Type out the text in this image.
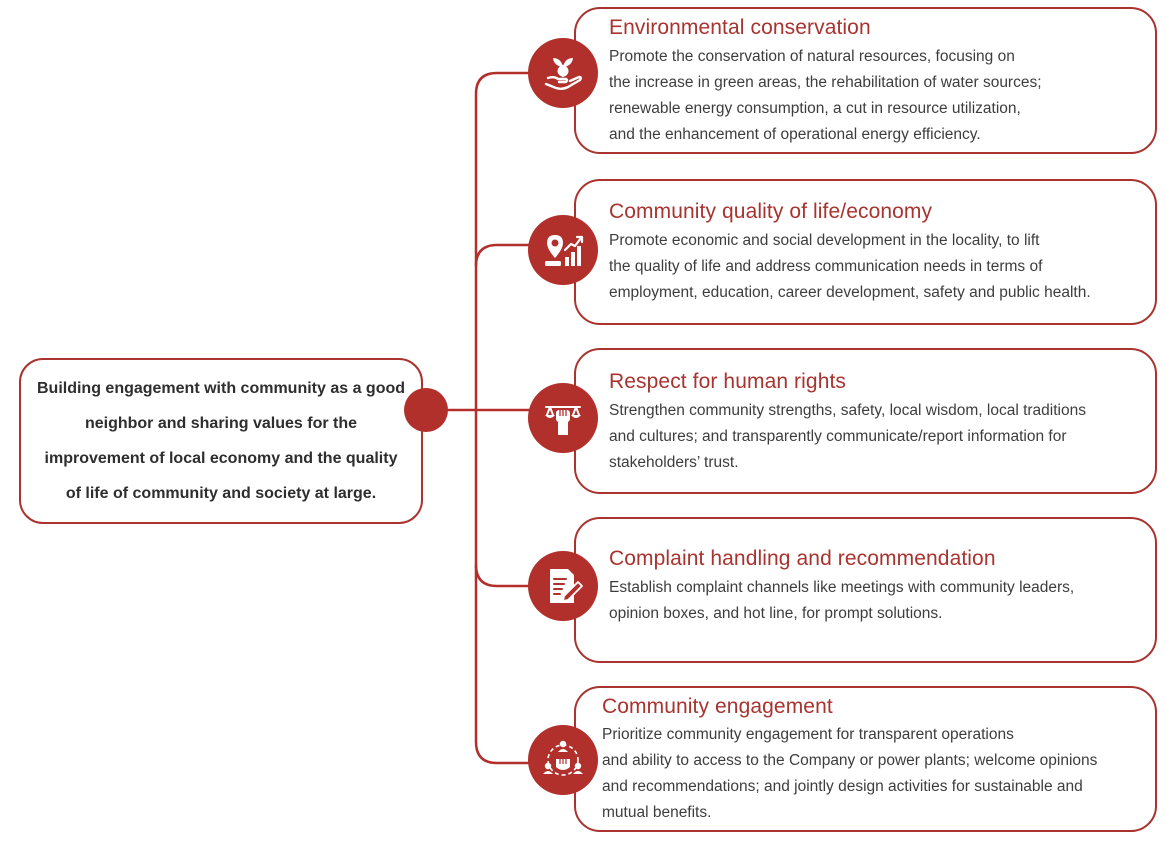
Building engagement with community as a good neighbor and sharing values for the improvement of local economy and the quality of life of community and society at large.
Environmental conservation
Promote the conservation of natural resources, focusing on
the increase in green areas, the rehabilitation of water sources;
renewable energy consumption, a cut in resource utilization,
and the enhancement of operational energy efficiency.
Community quality of life/economy
Promote economic and social development in the locality, to lift
the quality of life and address communication needs in terms of
employment, education, career development, safety and public health.
Respect for human rights
Strengthen community strengths, safety, local wisdom, local traditions
and cultures; and transparently communicate/report information for
stakeholders’ trust.
Complaint handling and recommendation
Establish complaint channels like meetings with community leaders,
opinion boxes, and hot line, for prompt solutions.
Community engagement
Prioritize community engagement for transparent operations
and ability to access to the Company or power plants; welcome opinions
and recommendations; and jointly design activities for sustainable and
mutual benefits.
